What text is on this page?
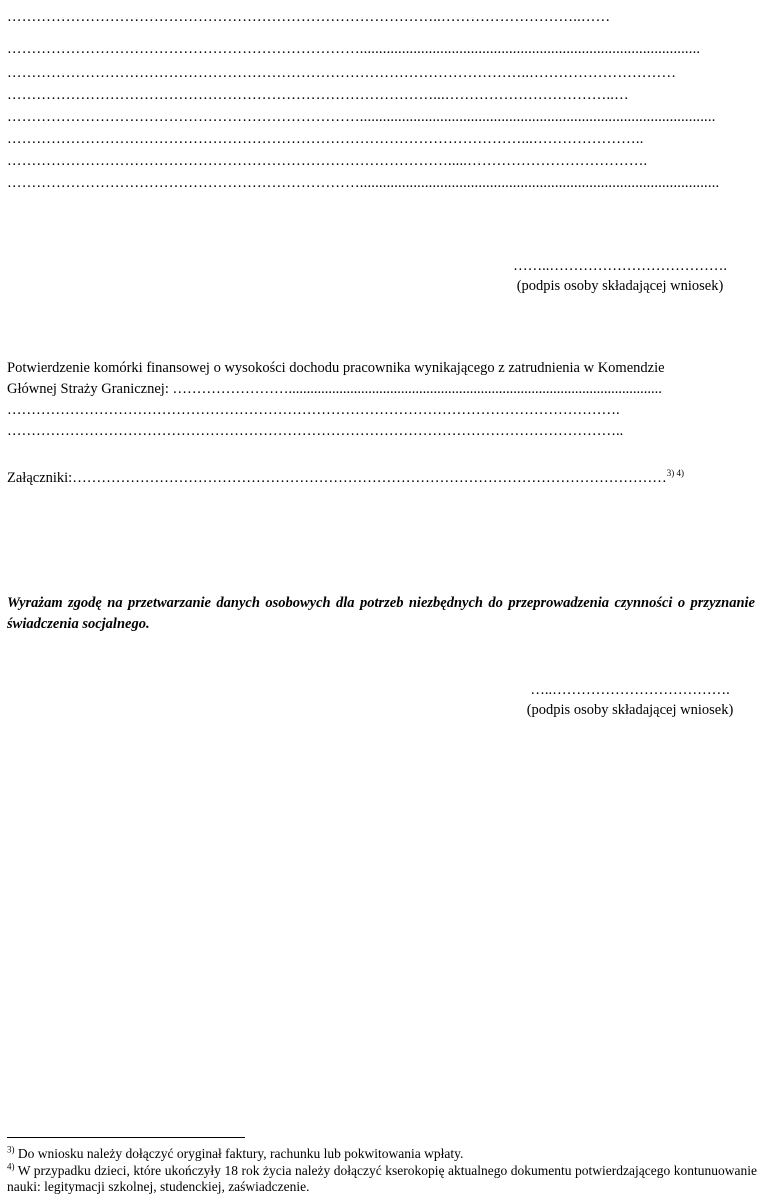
……………………………………………………………………………..………………………..……
……………………………………………………………….........................................................................................
……………………………………………………………………………………………..…………………………
……………………………………………………………………………...……………………………..…
……………………………………………………………….............................................................................................
……………………………………………………………………………………………...…………………..
……………………………………………………………………………….....……………………………….
………………………………………………………………..............................................................................................
……..……………………………….
(podpis osoby składającej wniosek)
Potwierdzenie komórki finansowej o wysokości dochodu pracownika wynikającego z zatrudnienia w Komendzie
Głównej Straży Granicznej: …………………….......................................................................................................
……………………………………………………………………………………………………………….
………………………………………………………………………………………………………………..
Załączniki:……………………………………………………………………………………………………………$^{3) 4)}$
Wyrażam zgodę na przetwarzanie danych osobowych dla potrzeb niezbędnych do przeprowadzenia czynności o przyznanie świadczenia socjalnego.
…..……………………………….
(podpis osoby składającej wniosek)
$^{3)}$ Do wniosku należy dołączyć oryginał faktury, rachunku lub pokwitowania wpłaty.
$^{4)}$ W przypadku dzieci, które ukończyły 18 rok życia należy dołączyć kserokopię aktualnego dokumentu potwierdzającego kontunuowanie nauki: legitymacji szkolnej, studenckiej, zaświadczenie.
